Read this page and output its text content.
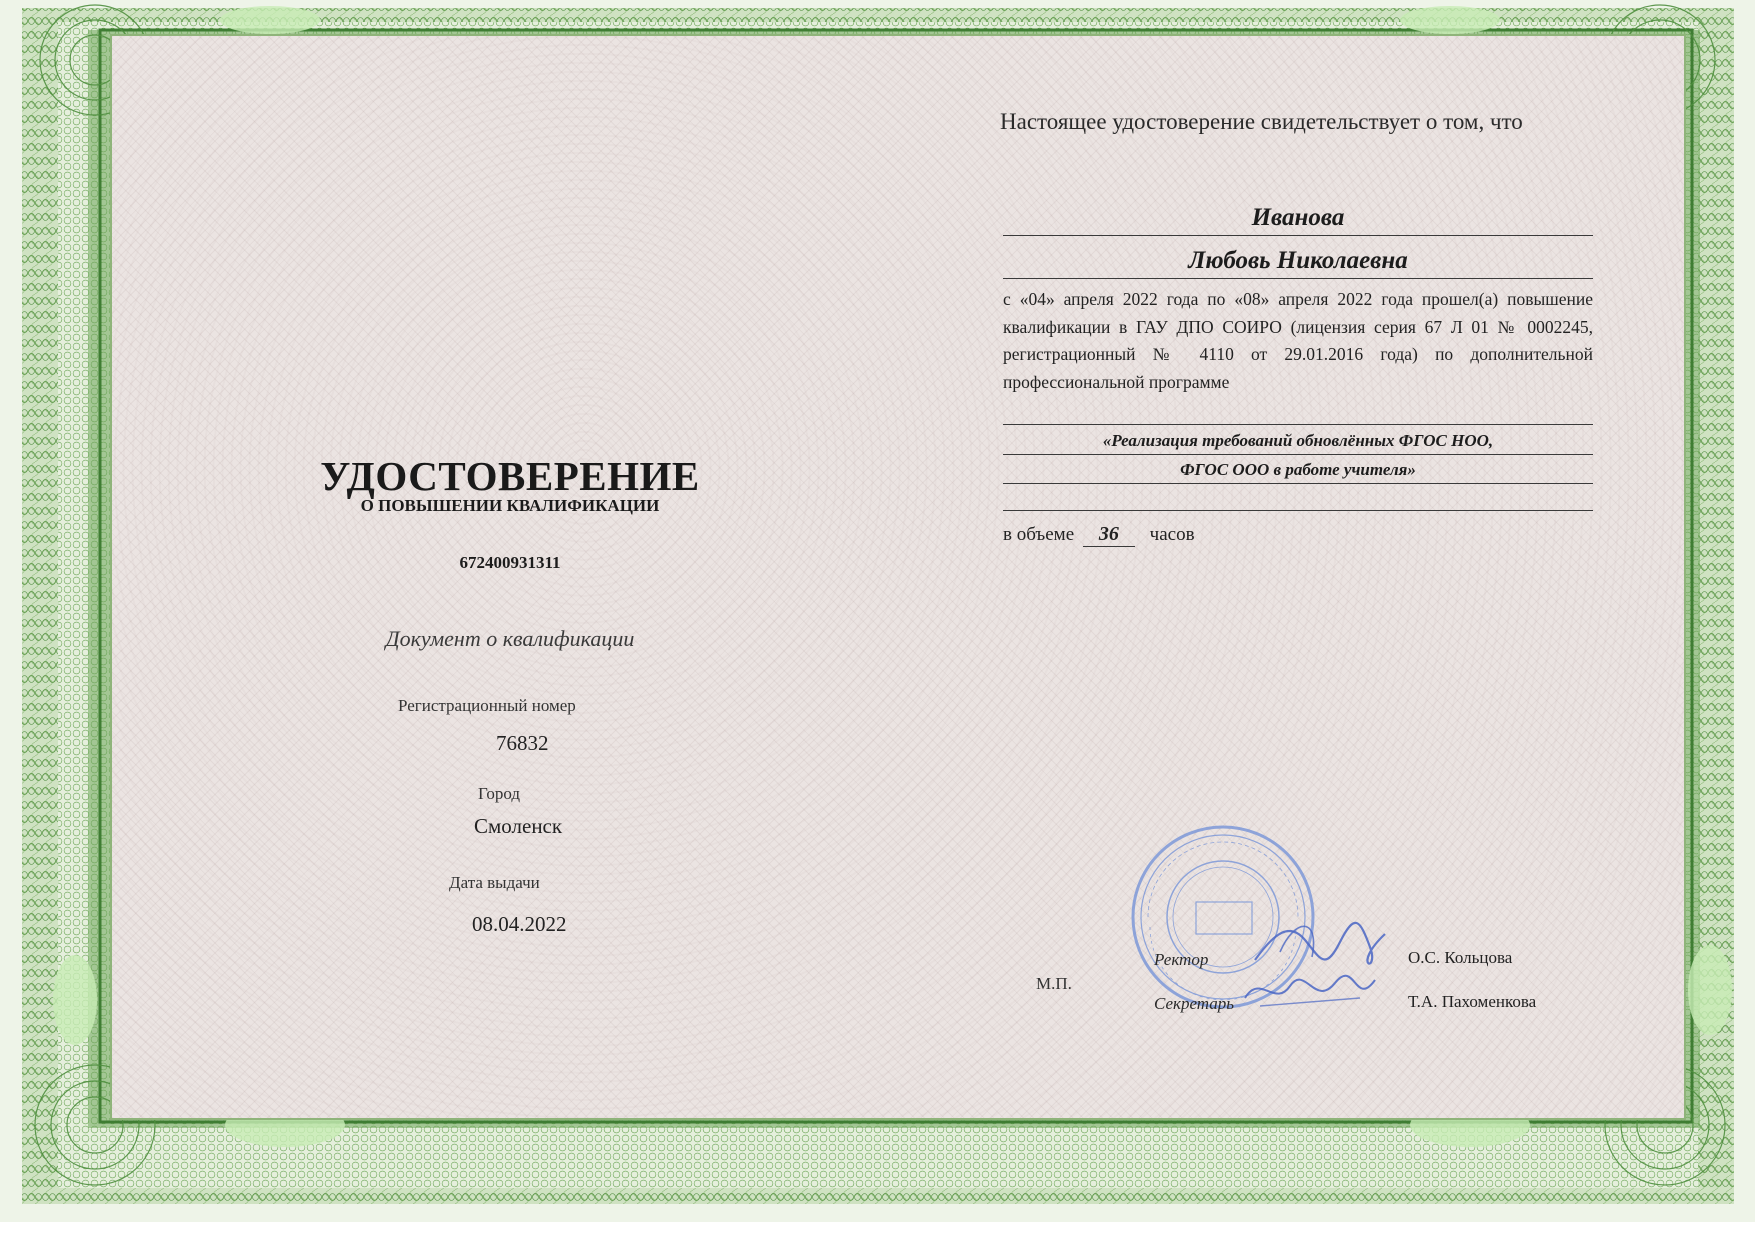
УДОСТОВЕРЕНИЕ
О ПОВЫШЕНИИ КВАЛИФИКАЦИИ
672400931311
Документ о квалификации
Регистрационный номер
76832
Город
Смоленск
Дата выдачи
08.04.2022
Настоящее удостоверение свидетельствует о том, что
Иванова
Любовь Николаевна
с «04» апреля 2022 года по «08» апреля 2022 года прошел(а) повышение квалификации в ГАУ ДПО СОИРО (лицензия серия 67 Л 01 № 0002245, регистрационный № 4110 от 29.01.2016 года) по дополнительной профессиональной программе
«Реализация требований обновлённых ФГОС НОО,
ФГОС ООО в работе учителя»
в объеме 36 часов
М.П.
Ректор	О.С. Кольцова
Секретарь	Т.А. Пахоменкова
